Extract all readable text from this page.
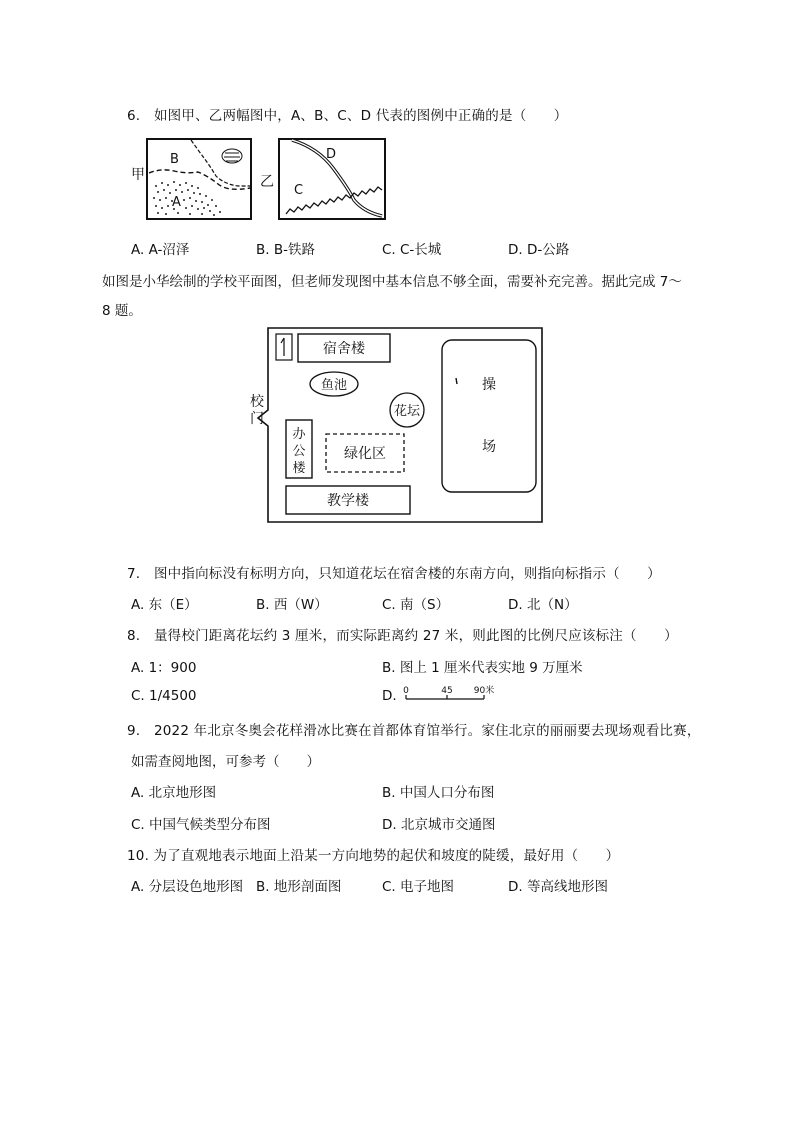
6.　如图甲、乙两幅图中，A、B、C、D 代表的图例中正确的是（　　）
甲
B
A
乙
D
C
A. A-沼泽	B. B-铁路	C. C-长城	D. D-公路
如图是小华绘制的学校平面图，但老师发现图中基本信息不够全面，需要补充完善。据此完成 7～
8 题。
宿舍楼
鱼池
花坛
校
门
办
公
楼
绿化区
教学楼
操
场
7.　图中指向标没有标明方向，只知道花坛在宿舍楼的东南方向，则指向标指示（　　）
A. 东（E）	B. 西（W）	C. 南（S）	D. 北（N）
8.　量得校门距离花坛约 3 厘米，而实际距离约 27 米，则此图的比例尺应该标注（　　）
A. 1：900	B. 图上 1 厘米代表实地 9 万厘米
C. 1/4500	D. 0	45 90米
9.　2022 年北京冬奥会花样滑冰比赛在首都体育馆举行。家住北京的丽丽要去现场观看比赛，
如需查阅地图，可参考（　　）
A. 北京地形图	B. 中国人口分布图
C. 中国气候类型分布图	D. 北京城市交通图
10. 为了直观地表示地面上沿某一方向地势的起伏和坡度的陡缓，最好用（　　）
A. 分层设色地形图 B. 地形剖面图	C. 电子地图	D. 等高线地形图
